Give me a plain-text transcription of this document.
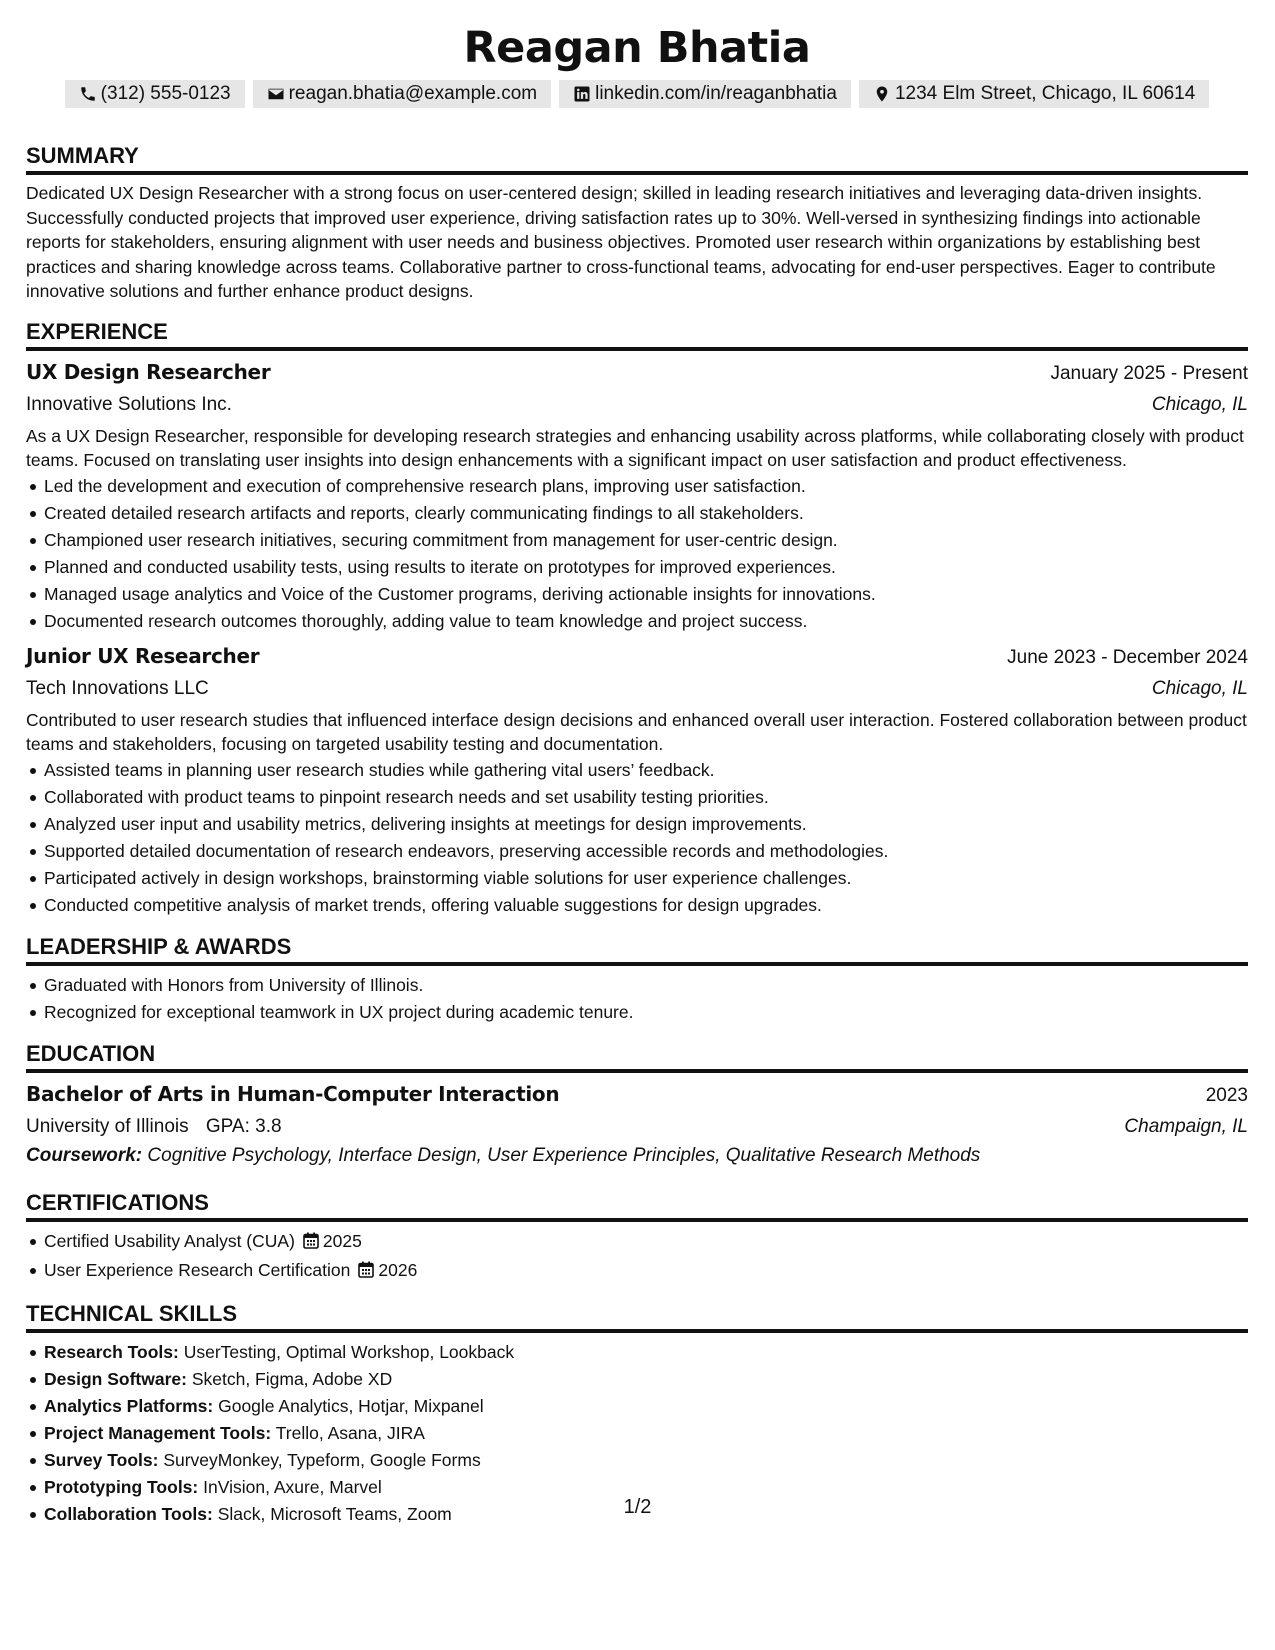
Reagan Bhatia
(312) 555-0123	reagan.bhatia@example.com	linkedin.com/in/reaganbhatia	1234 Elm Street, Chicago, IL 60614
SUMMARY
Dedicated UX Design Researcher with a strong focus on user-centered design; skilled in leading research initiatives and leveraging data-driven insights. Successfully conducted projects that improved user experience, driving satisfaction rates up to 30%. Well-versed in synthesizing findings into actionable reports for stakeholders, ensuring alignment with user needs and business objectives. Promoted user research within organizations by establishing best practices and sharing knowledge across teams. Collaborative partner to cross-functional teams, advocating for end-user perspectives. Eager to contribute innovative solutions and further enhance product designs.
EXPERIENCE
UX Design Researcher	January 2025 - Present
Innovative Solutions Inc.	Chicago, IL
As a UX Design Researcher, responsible for developing research strategies and enhancing usability across platforms, while collaborating closely with product teams. Focused on translating user insights into design enhancements with a significant impact on user satisfaction and product effectiveness.
Led the development and execution of comprehensive research plans, improving user satisfaction.
Created detailed research artifacts and reports, clearly communicating findings to all stakeholders.
Championed user research initiatives, securing commitment from management for user-centric design.
Planned and conducted usability tests, using results to iterate on prototypes for improved experiences.
Managed usage analytics and Voice of the Customer programs, deriving actionable insights for innovations.
Documented research outcomes thoroughly, adding value to team knowledge and project success.
Junior UX Researcher	June 2023 - December 2024
Tech Innovations LLC	Chicago, IL
Contributed to user research studies that influenced interface design decisions and enhanced overall user interaction. Fostered collaboration between product teams and stakeholders, focusing on targeted usability testing and documentation.
Assisted teams in planning user research studies while gathering vital users’ feedback.
Collaborated with product teams to pinpoint research needs and set usability testing priorities.
Analyzed user input and usability metrics, delivering insights at meetings for design improvements.
Supported detailed documentation of research endeavors, preserving accessible records and methodologies.
Participated actively in design workshops, brainstorming viable solutions for user experience challenges.
Conducted competitive analysis of market trends, offering valuable suggestions for design upgrades.
LEADERSHIP & AWARDS
Graduated with Honors from University of Illinois.
Recognized for exceptional teamwork in UX project during academic tenure.
EDUCATION
Bachelor of Arts in Human-Computer Interaction	2023
University of Illinois GPA: 3.8	Champaign, IL
Coursework: Cognitive Psychology, Interface Design, User Experience Principles, Qualitative Research Methods
CERTIFICATIONS
Certified Usability Analyst (CUA) 2025
User Experience Research Certification 2026
TECHNICAL SKILLS
Research Tools: UserTesting, Optimal Workshop, Lookback
Design Software: Sketch, Figma, Adobe XD
Analytics Platforms: Google Analytics, Hotjar, Mixpanel
Project Management Tools: Trello, Asana, JIRA
Survey Tools: SurveyMonkey, Typeform, Google Forms
Prototyping Tools: InVision, Axure, Marvel
Collaboration Tools: Slack, Microsoft Teams, Zoom	1/2
